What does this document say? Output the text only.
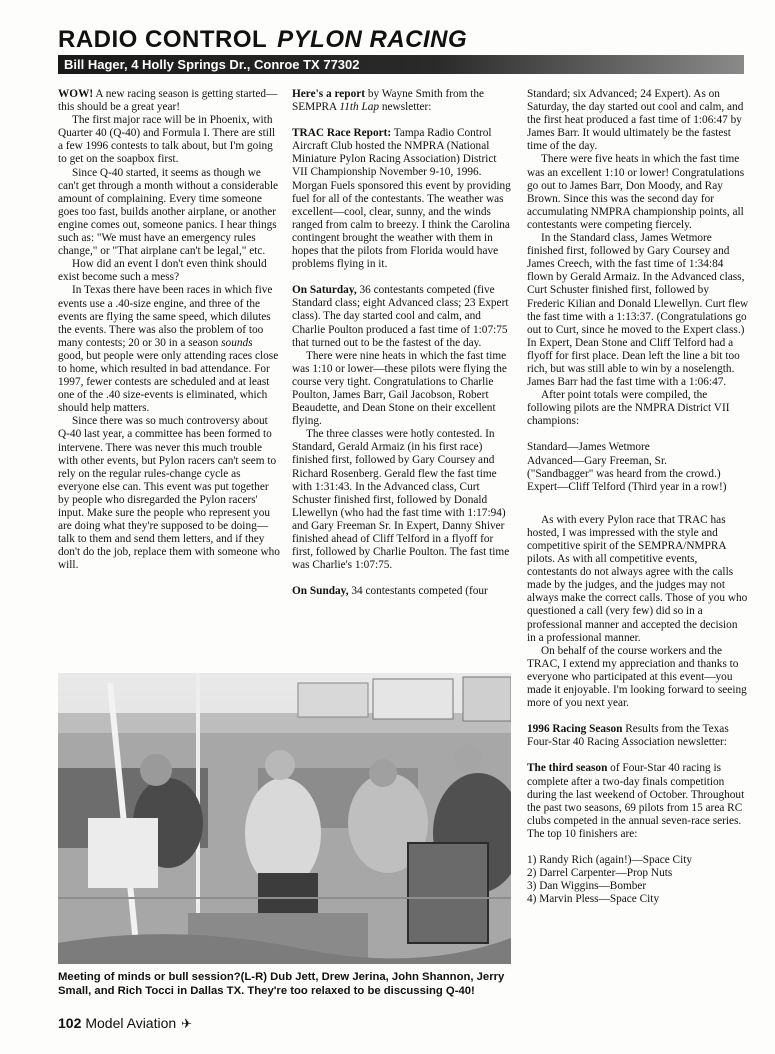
RADIO CONTROL PYLON RACING
Bill Hager, 4 Holly Springs Dr., Conroe TX 77302

WOW! A new racing season is getting started—this should be a great year!

The first major race will be in Phoenix, with Quarter 40 (Q-40) and Formula I. There are still a few 1996 contests to talk about, but I'm going to get on the soapbox first.

Since Q-40 started, it seems as though we can't get through a month without a considerable amount of complaining. Every time someone goes too fast, builds another airplane, or another engine comes out, someone panics. I hear things such as: "We must have an emergency rules change," or "That airplane can't be legal," etc.

How did an event I don't even think should exist become such a mess?

In Texas there have been races in which five events use a .40-size engine, and three of the events are flying the same speed, which dilutes the events. There was also the problem of too many contests; 20 or 30 in a season sounds good, but people were only attending races close to home, which resulted in bad attendance. For 1997, fewer contests are scheduled and at least one of the .40 size-events is eliminated, which should help matters.

Since there was so much controversy about Q-40 last year, a committee has been formed to intervene. There was never this much trouble with other events, but Pylon racers can't seem to rely on the regular rules-change cycle as everyone else can. This event was put together by people who disregarded the Pylon racers' input. Make sure the people who represent you are doing what they're supposed to be doing—talk to them and send them letters, and if they don't do the job, replace them with someone who will.

Here's a report by Wayne Smith from the SEMPRA 11th Lap newsletter:

TRAC Race Report: Tampa Radio Control Aircraft Club hosted the NMPRA (National Miniature Pylon Racing Association) District VII Championship November 9-10, 1996. Morgan Fuels sponsored this event by providing fuel for all of the contestants. The weather was excellent—cool, clear, sunny, and the winds ranged from calm to breezy. I think the Carolina contingent brought the weather with them in hopes that the pilots from Florida would have problems flying in it.

On Saturday, 36 contestants competed (five Standard class; eight Advanced class; 23 Expert class). The day started cool and calm, and Charlie Poulton produced a fast time of 1:07:75 that turned out to be the fastest of the day.

There were nine heats in which the fast time was 1:10 or lower—these pilots were flying the course very tight. Congratulations to Charlie Poulton, James Barr, Gail Jacobson, Robert Beaudette, and Dean Stone on their excellent flying.

The three classes were hotly contested. In Standard, Gerald Armaiz (in his first race) finished first, followed by Gary Coursey and Richard Rosenberg. Gerald flew the fast time with 1:31:43. In the Advanced class, Curt Schuster finished first, followed by Donald Llewellyn (who had the fast time with 1:17:94) and Gary Freeman Sr. In Expert, Danny Shiver finished ahead of Cliff Telford in a flyoff for first, followed by Charlie Poulton. The fast time was Charlie's 1:07:75.

On Sunday, 34 contestants competed (four

Standard; six Advanced; 24 Expert). As on Saturday, the day started out cool and calm, and the first heat produced a fast time of 1:06:47 by James Barr. It would ultimately be the fastest time of the day.

There were five heats in which the fast time was an excellent 1:10 or lower! Congratulations go out to James Barr, Don Moody, and Ray Brown. Since this was the second day for accumulating NMPRA championship points, all contestants were competing fiercely.

In the Standard class, James Wetmore finished first, followed by Gary Coursey and James Creech, with the fast time of 1:34:84 flown by Gerald Armaiz. In the Advanced class, Curt Schuster finished first, followed by Frederic Kilian and Donald Llewellyn. Curt flew the fast time with a 1:13:37. (Congratulations go out to Curt, since he moved to the Expert class.) In Expert, Dean Stone and Cliff Telford had a flyoff for first place. Dean left the line a bit too rich, but was still able to win by a noselength. James Barr had the fast time with a 1:06:47.

After point totals were compiled, the following pilots are the NMPRA District VII champions:

Standard—James Wetmore

Advanced—Gary Freeman, Sr.

("Sandbagger" was heard from the crowd.)

Expert—Cliff Telford (Third year in a row!)

As with every Pylon race that TRAC has hosted, I was impressed with the style and competitive spirit of the SEMPRA/NMPRA pilots. As with all competitive events, contestants do not always agree with the calls made by the judges, and the judges may not always make the correct calls. Those of you who questioned a call (very few) did so in a professional manner and accepted the decision in a professional manner.

On behalf of the course workers and the TRAC, I extend my appreciation and thanks to everyone who participated at this event—you made it enjoyable. I'm looking forward to seeing more of you next year.

1996 Racing Season Results from the Texas Four-Star 40 Racing Association newsletter:

The third season of Four-Star 40 racing is complete after a two-day finals competition during the last weekend of October. Throughout the past two seasons, 69 pilots from 15 area RC clubs competed in the annual seven-race series. The top 10 finishers are:

1) Randy Rich (again!)—Space City

2) Darrel Carpenter—Prop Nuts

3) Dan Wiggins—Bomber

4) Marvin Pless—Space City

Meeting of minds or bull session?(L-R) Dub Jett, Drew Jerina, John Shannon, Jerry Small, and Rich Tocci in Dallas TX. They're too relaxed to be discussing Q-40!
102 Model Aviation ✈
